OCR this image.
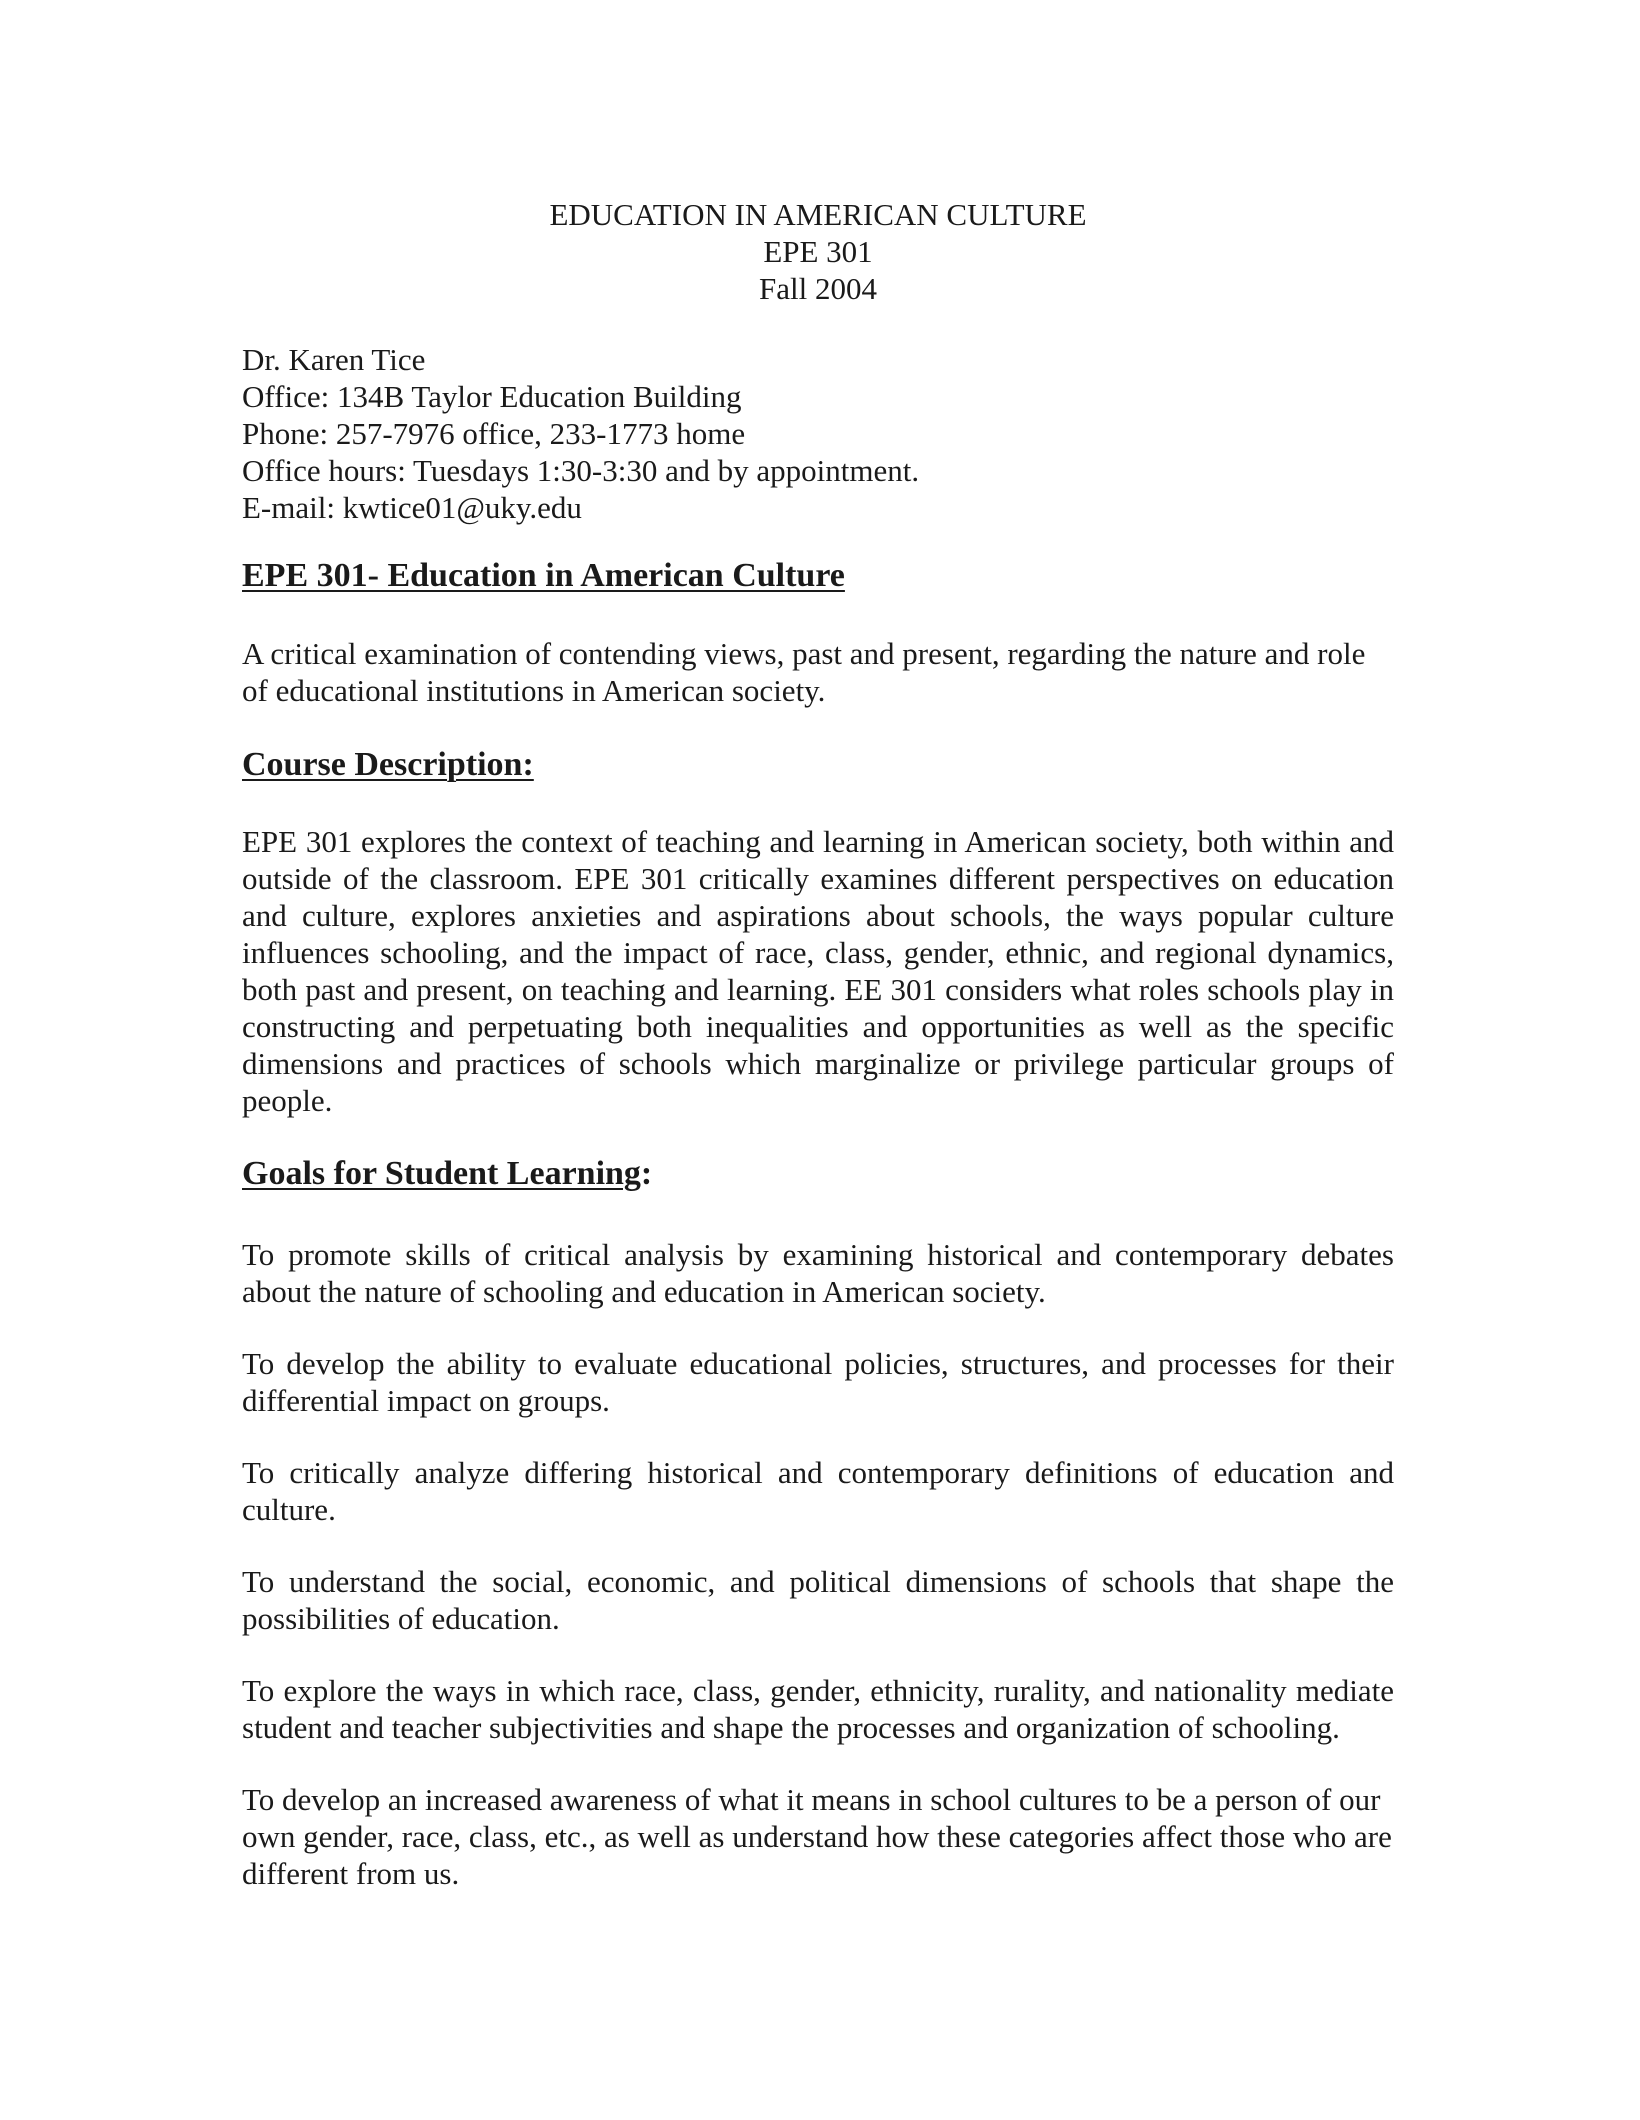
EDUCATION IN AMERICAN CULTURE
EPE 301
Fall 2004
Dr. Karen Tice
Office: 134B Taylor Education Building
Phone: 257-7976 office, 233-1773 home
Office hours: Tuesdays 1:30-3:30 and by appointment.
E-mail: kwtice01@uky.edu
EPE 301- Education in American Culture
A critical examination of contending views, past and present, regarding the nature and role of educational institutions in American society.
Course Description:
EPE 301 explores the context of teaching and learning in American society, both within and outside of the classroom. EPE 301 critically examines different perspectives on education and culture, explores anxieties and aspirations about schools, the ways popular culture influences schooling, and the impact of race, class, gender, ethnic, and regional dynamics, both past and present, on teaching and learning. EE 301 considers what roles schools play in constructing and perpetuating both inequalities and opportunities as well as the specific dimensions and practices of schools which marginalize or privilege particular groups of people.
Goals for Student Learning:
To promote skills of critical analysis by examining historical and contemporary debates about the nature of schooling and education in American society.
To develop the ability to evaluate educational policies, structures, and processes for their differential impact on groups.
To critically analyze differing historical and contemporary definitions of education and culture.
To understand the social, economic, and political dimensions of schools that shape the possibilities of education.
To explore the ways in which race, class, gender, ethnicity, rurality, and nationality mediate student and teacher subjectivities and shape the processes and organization of schooling.
To develop an increased awareness of what it means in school cultures to be a person of our own gender, race, class, etc., as well as understand how these categories affect those who are different from us.
